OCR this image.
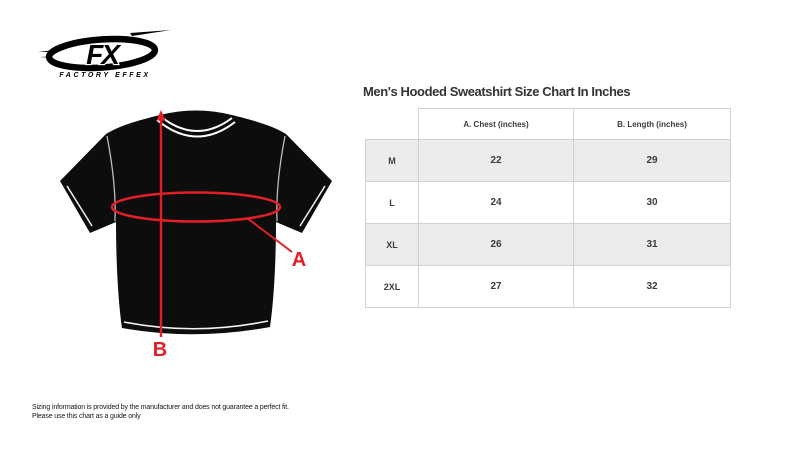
FX
FACTORY EFFEX
A
B
Men's Hooded Sweatshirt Size Chart In Inches
	A. Chest (inches)	B. Length (inches)
M	22	29
L	24	30
XL	26	31
2XL	27	32
Sizing information is provided by the manufacturer and does not guarantee a perfect fit.
Please use this chart as a guide only
